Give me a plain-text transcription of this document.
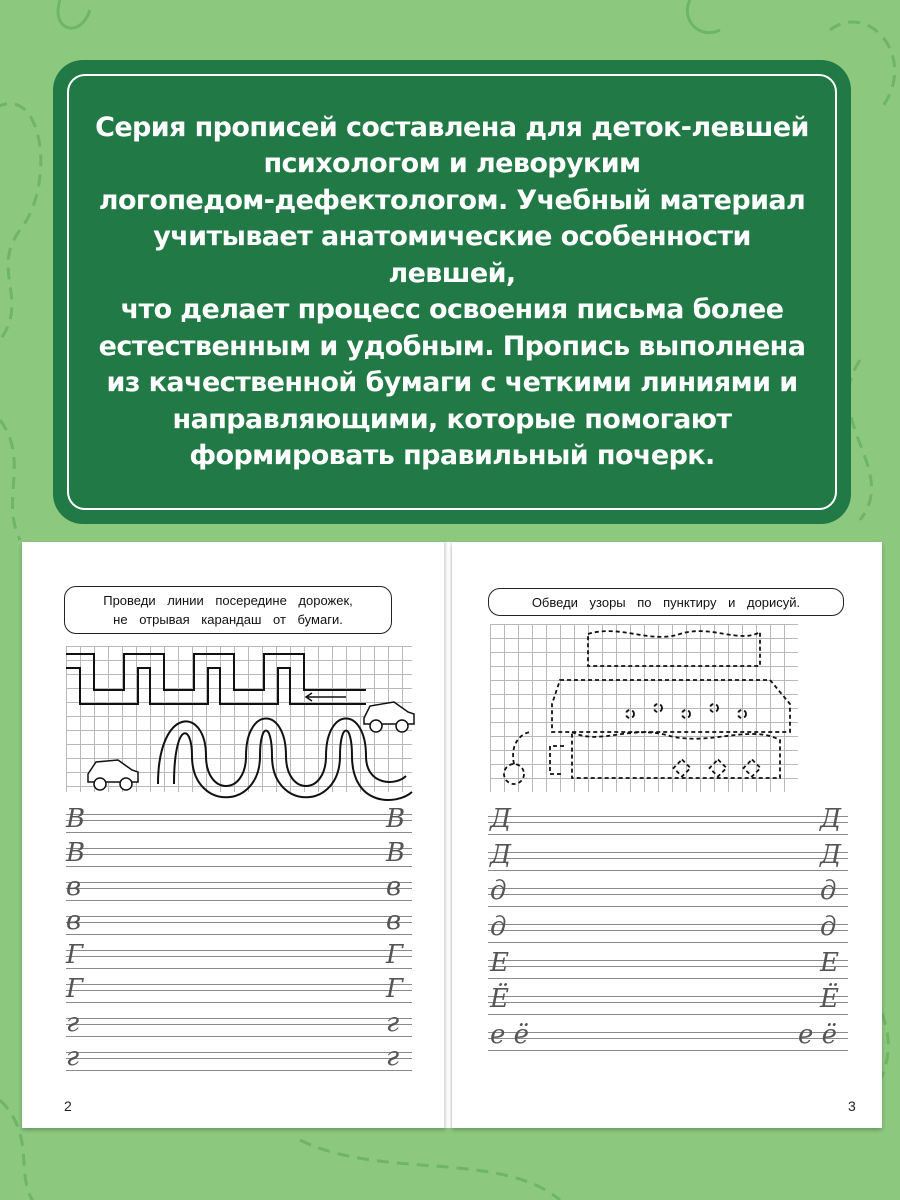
Серия прописей составлена для деток-левшей
психологом и леворуким
логопедом-дефектологом. Учебный материал
учитывает анатомические особенности левшей,
что делает процесс освоения письма более
естественным и удобным. Пропись выполнена
из качественной бумаги с четкими линиями и
направляющими, которые помогают
формировать правильный почерк.
Проведи линии посередине дорожек,
не отрывая карандаш от бумаги.
В	В
В	В
в	в
в	в
Г	Г
Г	Г
г	г
г	г
2
Обведи узоры по пунктиру и дорисуй.
Д	Д
Д	Д
д	д
д	д
Е	Е
Ё	Ё
е ё	е ё
3
